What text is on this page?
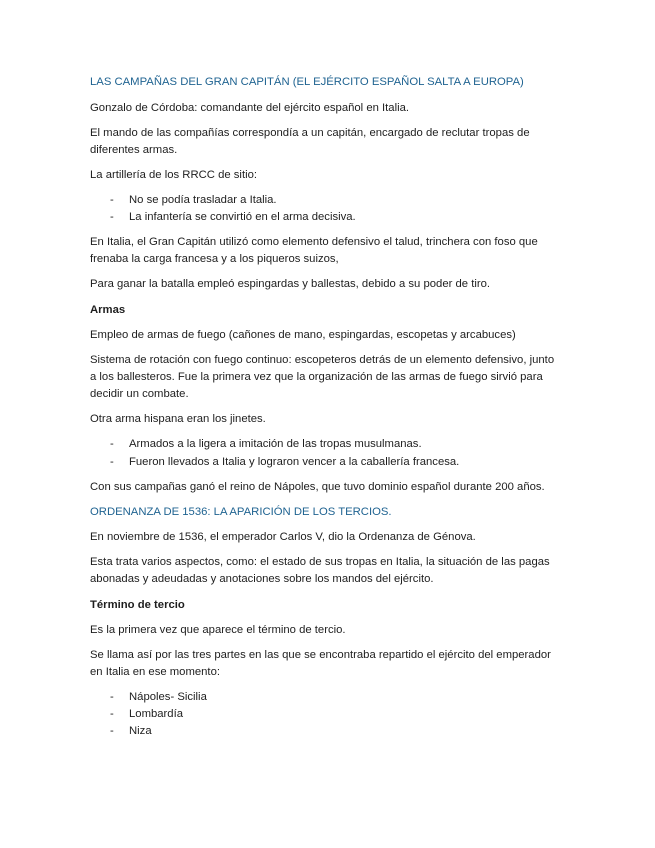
LAS CAMPAÑAS DEL GRAN CAPITÁN (EL EJÉRCITO ESPAÑOL SALTA A EUROPA)
Gonzalo de Córdoba: comandante del ejército español en Italia.
El mando de las compañías correspondía a un capitán, encargado de reclutar tropas de
diferentes armas.
La artillería de los RRCC de sitio:
- No se podía trasladar a Italia.
- La infantería se convirtió en el arma decisiva.
En Italia, el Gran Capitán utilizó como elemento defensivo el talud, trinchera con foso que
frenaba la carga francesa y a los piqueros suizos,
Para ganar la batalla empleó espingardas y ballestas, debido a su poder de tiro.
Armas
Empleo de armas de fuego (cañones de mano, espingardas, escopetas y arcabuces)
Sistema de rotación con fuego continuo: escopeteros detrás de un elemento defensivo, junto
a los ballesteros. Fue la primera vez que la organización de las armas de fuego sirvió para
decidir un combate.
Otra arma hispana eran los jinetes.
- Armados a la ligera a imitación de las tropas musulmanas.
- Fueron llevados a Italia y lograron vencer a la caballería francesa.
Con sus campañas ganó el reino de Nápoles, que tuvo dominio español durante 200 años.
ORDENANZA DE 1536: LA APARICIÓN DE LOS TERCIOS.
En noviembre de 1536, el emperador Carlos V, dio la Ordenanza de Génova.
Esta trata varios aspectos, como: el estado de sus tropas en Italia, la situación de las pagas
abonadas y adeudadas y anotaciones sobre los mandos del ejército.
Término de tercio
Es la primera vez que aparece el término de tercio.
Se llama así por las tres partes en las que se encontraba repartido el ejército del emperador
en Italia en ese momento:
- Nápoles- Sicilia
- Lombardía
- Niza
